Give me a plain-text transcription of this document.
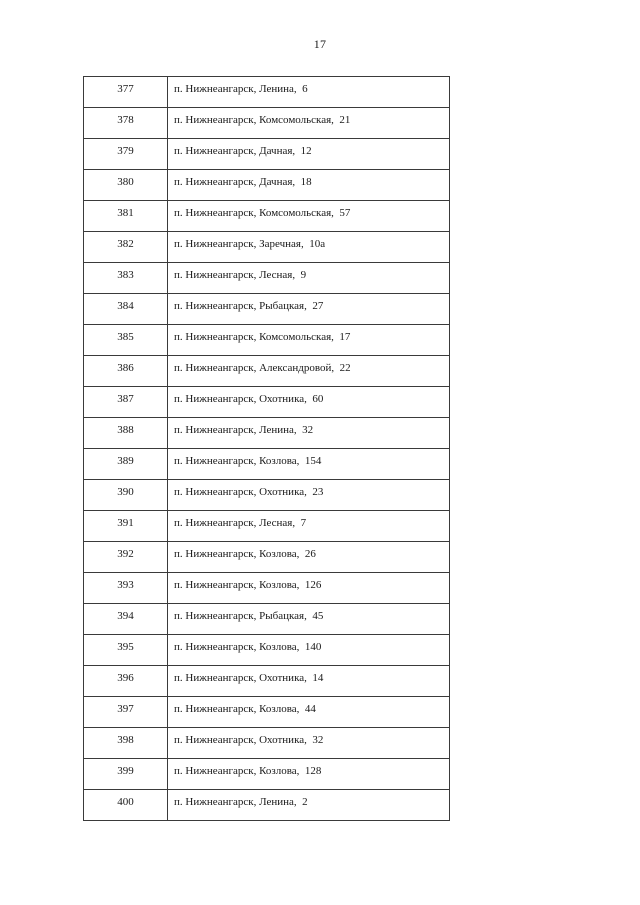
17
377	п. Нижнеангарск, Ленина,  6

378	п. Нижнеангарск, Комсомольская,  21

379	п. Нижнеангарск, Дачная,  12

380	п. Нижнеангарск, Дачная,  18

381	п. Нижнеангарск, Комсомольская,  57

382	п. Нижнеангарск, Заречная,  10а

383	п. Нижнеангарск, Лесная,  9

384	п. Нижнеангарск, Рыбацкая,  27

385	п. Нижнеангарск, Комсомольская,  17

386	п. Нижнеангарск, Александровой,  22

387	п. Нижнеангарск, Охотника,  60

388	п. Нижнеангарск, Ленина,  32

389	п. Нижнеангарск, Козлова,  154

390	п. Нижнеангарск, Охотника,  23

391	п. Нижнеангарск, Лесная,  7

392	п. Нижнеангарск, Козлова,  26

393	п. Нижнеангарск, Козлова,  126

394	п. Нижнеангарск, Рыбацкая,  45

395	п. Нижнеангарск, Козлова,  140

396	п. Нижнеангарск, Охотника,  14

397	п. Нижнеангарск, Козлова,  44

398	п. Нижнеангарск, Охотника,  32

399	п. Нижнеангарск, Козлова,  128

400	п. Нижнеангарск, Ленина,  2
